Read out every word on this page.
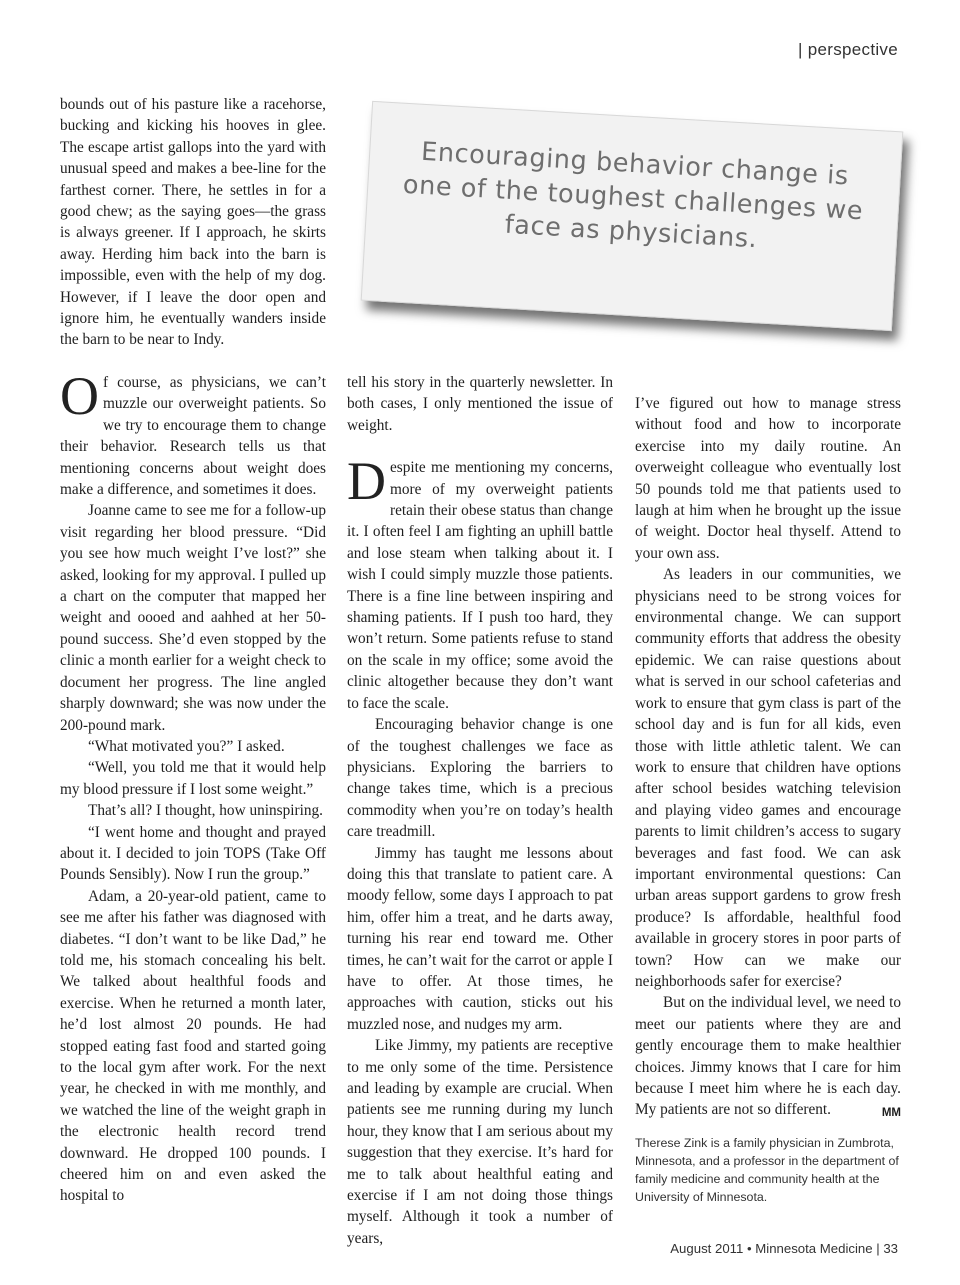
| perspective

bounds out of his pasture like a racehorse, bucking and kicking his hooves in glee. The escape artist gallops into the yard with unusual speed and makes a bee-line for the farthest corner. There, he settles in for a good chew; as the saying goes—the grass is always greener. If I approach, he skirts away. Herding him back into the barn is impossible, even with the help of my dog. However, if I leave the door open and ignore him, he eventually wanders inside the barn to be near to Indy.

Encouraging behavior change is one of the toughest challenges we face as physicians.

Of course, as physicians, we can’t muzzle our overweight patients. So we try to encourage them to change their behavior. Research tells us that mentioning concerns about weight does make a difference, and sometimes it does.

Joanne came to see me for a follow-up visit regarding her blood pressure. “Did you see how much weight I’ve lost?” she asked, looking for my approval. I pulled up a chart on the computer that mapped her weight and oooed and aahhed at her 50-pound success. She’d even stopped by the clinic a month earlier for a weight check to document her progress. The line angled sharply downward; she was now under the 200-pound mark.

“What motivated you?” I asked.

“Well, you told me that it would help my blood pressure if I lost some weight.”

That’s all? I thought, how uninspiring.

“I went home and thought and prayed about it. I decided to join TOPS (Take Off Pounds Sensibly). Now I run the group.”

Adam, a 20-year-old patient, came to see me after his father was diagnosed with diabetes. “I don’t want to be like Dad,” he told me, his stomach concealing his belt. We talked about healthful foods and exercise. When he returned a month later, he’d lost almost 20 pounds. He had stopped eating fast food and started going to the local gym after work. For the next year, he checked in with me monthly, and we watched the line of the weight graph in the electronic health record trend downward. He dropped 100 pounds. I cheered him on and even asked the hospital to

tell his story in the quarterly newsletter. In both cases, I only mentioned the issue of weight.

Despite me mentioning my concerns, more of my overweight patients retain their obese status than change it. I often feel I am fighting an uphill battle and lose steam when talking about it. I wish I could simply muzzle those patients. There is a fine line between inspiring and shaming patients. If I push too hard, they won’t return. Some patients refuse to stand on the scale in my office; some avoid the clinic altogether because they don’t want to face the scale.

Encouraging behavior change is one of the toughest challenges we face as physicians. Exploring the barriers to change takes time, which is a precious commodity when you’re on today’s health care treadmill.

Jimmy has taught me lessons about doing this that translate to patient care. A moody fellow, some days I approach to pat him, offer him a treat, and he darts away, turning his rear end toward me. Other times, he can’t wait for the carrot or apple I have to offer. At those times, he approaches with caution, sticks out his muzzled nose, and nudges my arm.

Like Jimmy, my patients are receptive to me only some of the time. Persistence and leading by example are crucial. When patients see me running during my lunch hour, they know that I am serious about my suggestion that they exercise. It’s hard for me to talk about healthful eating and exercise if I am not doing those things myself. Although it took a number of years,

I’ve figured out how to manage stress without food and how to incorporate exercise into my daily routine. An overweight colleague who eventually lost 50 pounds told me that patients used to laugh at him when he brought up the issue of weight. Doctor heal thyself. Attend to your own ass.

As leaders in our communities, we physicians need to be strong voices for environmental change. We can support community efforts that address the obesity epidemic. We can raise questions about what is served in our school cafeterias and work to ensure that gym class is part of the school day and is fun for all kids, even those with little athletic talent. We can work to ensure that children have options after school besides watching television and playing video games and encourage parents to limit children’s access to sugary beverages and fast food. We can ask important environmental questions: Can urban areas support gardens to grow fresh produce? Is affordable, healthful food available in grocery stores in poor parts of town? How can we make our neighborhoods safer for exercise?

But on the individual level, we need to meet our patients where they are and gently encourage them to make healthier choices. Jimmy knows that I care for him because I meet him where he is each day. My patients are not so different.	MM

Therese Zink is a family physician in Zumbrota, Minnesota, and a professor in the department of family medicine and community health at the University of Minnesota.
August 2011 • Minnesota Medicine | 33
